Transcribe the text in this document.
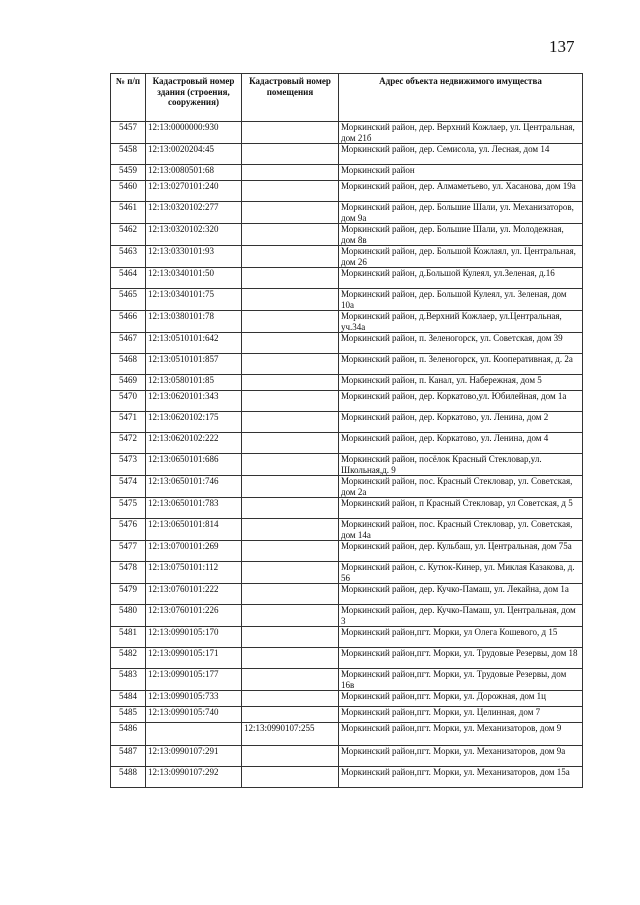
137
№ п/п	Кадастровый номер здания (строения, сооружения)	Кадастровый номер помещения	Адрес объекта недвижимого имущества
5457	12:13:0000000:930		Моркинский район, дер. Верхний Кожлаер, ул. Центральная, дом 21б
5458	12:13:0020204:45		Моркинский район, дер. Семисола, ул. Лесная, дом 14
5459	12:13:0080501:68		Моркинский район
5460	12:13:0270101:240		Моркинский район, дер. Алмаметьево, ул. Хасанова, дом 19а
5461	12:13:0320102:277		Моркинский район, дер. Большие Шали, ул. Механизаторов, дом 9а
5462	12:13:0320102:320		Моркинский район, дер. Большие Шали, ул. Молодежная, дом 8в
5463	12:13:0330101:93		Моркинский район, дер. Большой Кожлаял, ул. Центральная, дом 26
5464	12:13:0340101:50		Моркинский район, д.Большой Кулеял, ул.Зеленая, д.16
5465	12:13:0340101:75		Моркинский район, дер. Большой Кулеял, ул. Зеленая, дом 10а
5466	12:13:0380101:78		Моркинский район, д.Верхний Кожлаер, ул.Центральная, уч.34а
5467	12:13:0510101:642		Моркинский район, п. Зеленогорск, ул. Советская, дом 39
5468	12:13:0510101:857		Моркинский район, п. Зеленогорск, ул. Кооперативная, д. 2а
5469	12:13:0580101:85		Моркинский район, п. Канал, ул. Набережная, дом 5
5470	12:13:0620101:343		Моркинский район, дер. Коркатово,ул. Юбилейная, дом 1а
5471	12:13:0620102:175		Моркинский район, дер. Коркатово, ул. Ленина, дом 2
5472	12:13:0620102:222		Моркинский район, дер. Коркатово, ул. Ленина, дом 4
5473	12:13:0650101:686		Моркинский район, посёлок Красный Стекловар,ул. Школьная,д. 9
5474	12:13:0650101:746		Моркинский район, пос. Красный Стекловар, ул. Советская, дом 2а
5475	12:13:0650101:783		Моркинский район, п Красный Стекловар, ул Советская, д 5
5476	12:13:0650101:814		Моркинский район, пос. Красный Стекловар, ул. Советская, дом 14а
5477	12:13:0700101:269		Моркинский район, дер. Кульбаш, ул. Центральная, дом 75а
5478	12:13:0750101:112		Моркинский район, с. Кутюк-Кинер, ул. Миклая Казакова, д. 56
5479	12:13:0760101:222		Моркинский район, дер. Кучко-Памаш, ул. Лекайна, дом 1а
5480	12:13:0760101:226		Моркинский район, дер. Кучко-Памаш, ул. Центральная, дом 3
5481	12:13:0990105:170		Моркинский район,пгт. Морки, ул Олега Кошевого, д 15
5482	12:13:0990105:171		Моркинский район,пгт. Морки, ул. Трудовые Резервы, дом 18
5483	12:13:0990105:177		Моркинский район,пгт. Морки, ул. Трудовые Резервы, дом 16в
5484	12:13:0990105:733		Моркинский район,пгт. Морки, ул. Дорожная, дом 1ц
5485	12:13:0990105:740		Моркинский район,пгт. Морки, ул. Целинная, дом 7
5486		12:13:0990107:255	Моркинский район,пгт. Морки, ул. Механизаторов, дом 9
5487	12:13:0990107:291		Моркинский район,пгт. Морки, ул. Механизаторов, дом 9а
5488	12:13:0990107:292		Моркинский район,пгт. Морки, ул. Механизаторов, дом 15а
